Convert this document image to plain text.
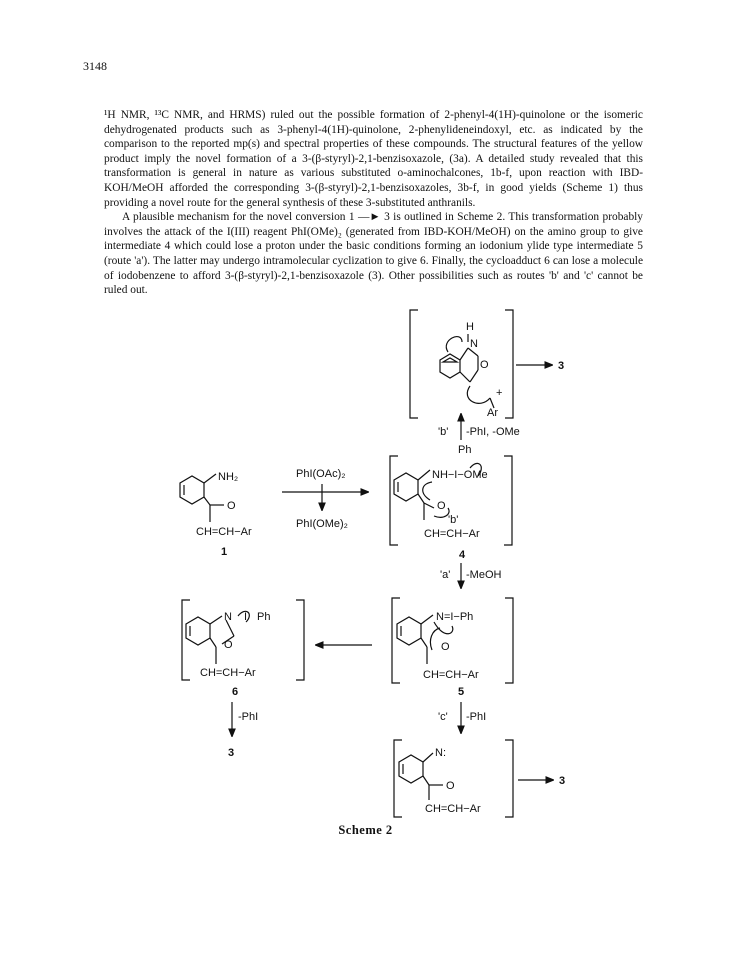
3148

¹H NMR, ¹³C NMR, and HRMS) ruled out the possible formation of 2-phenyl-4(1H)-quinolone or the isomeric dehydrogenated products such as 3-phenyl-4(1H)-quinolone, 2-phenylideneindoxyl, etc. as indicated by the comparison to the reported mp(s) and spectral properties of these compounds. The structural features of the yellow product imply the novel formation of a 3-(β-styryl)-2,1-benzisoxazole, (3a). A detailed study revealed that this transformation is general in nature as various substituted o-aminochalcones, 1b-f, upon reaction with IBD-KOH/MeOH afforded the corresponding 3-(β-styryl)-2,1-benzisoxazoles, 3b-f, in good yields (Scheme 1) thus providing a novel route for the general synthesis of these 3-substituted anthranils.

A plausible mechanism for the novel conversion 1 —► 3 is outlined in Scheme 2. This transformation probably involves the attack of the I(III) reagent PhI(OMe)₂ (generated from IBD-KOH/MeOH) on the amino group to give intermediate 4 which could lose a proton under the basic conditions forming an iodonium ylide type intermediate 5 (route 'a'). The latter may undergo intramolecular cyclization to give 6. Finally, the cycloadduct 6 can lose a molecule of iodobenzene to afford 3-(β-styryl)-2,1-benzisoxazole (3). Other possibilities such as routes 'b' and 'c' cannot be ruled out.

H
N
O
+
Ar
3
'b' -PhI, -OMe
NH₂
O
CH=CH−Ar
1
PhI(OAc)₂
PhI(OMe)₂
Ph
NH−I−OMe
O
'b'
CH=CH−Ar
4
'a' -MeOH
N I Ph
O
CH=CH−Ar
6
N=I−Ph
O
CH=CH−Ar
5
-PhI
3
'c' -PhI
N:
O
CH=CH−Ar
3
Scheme 2
